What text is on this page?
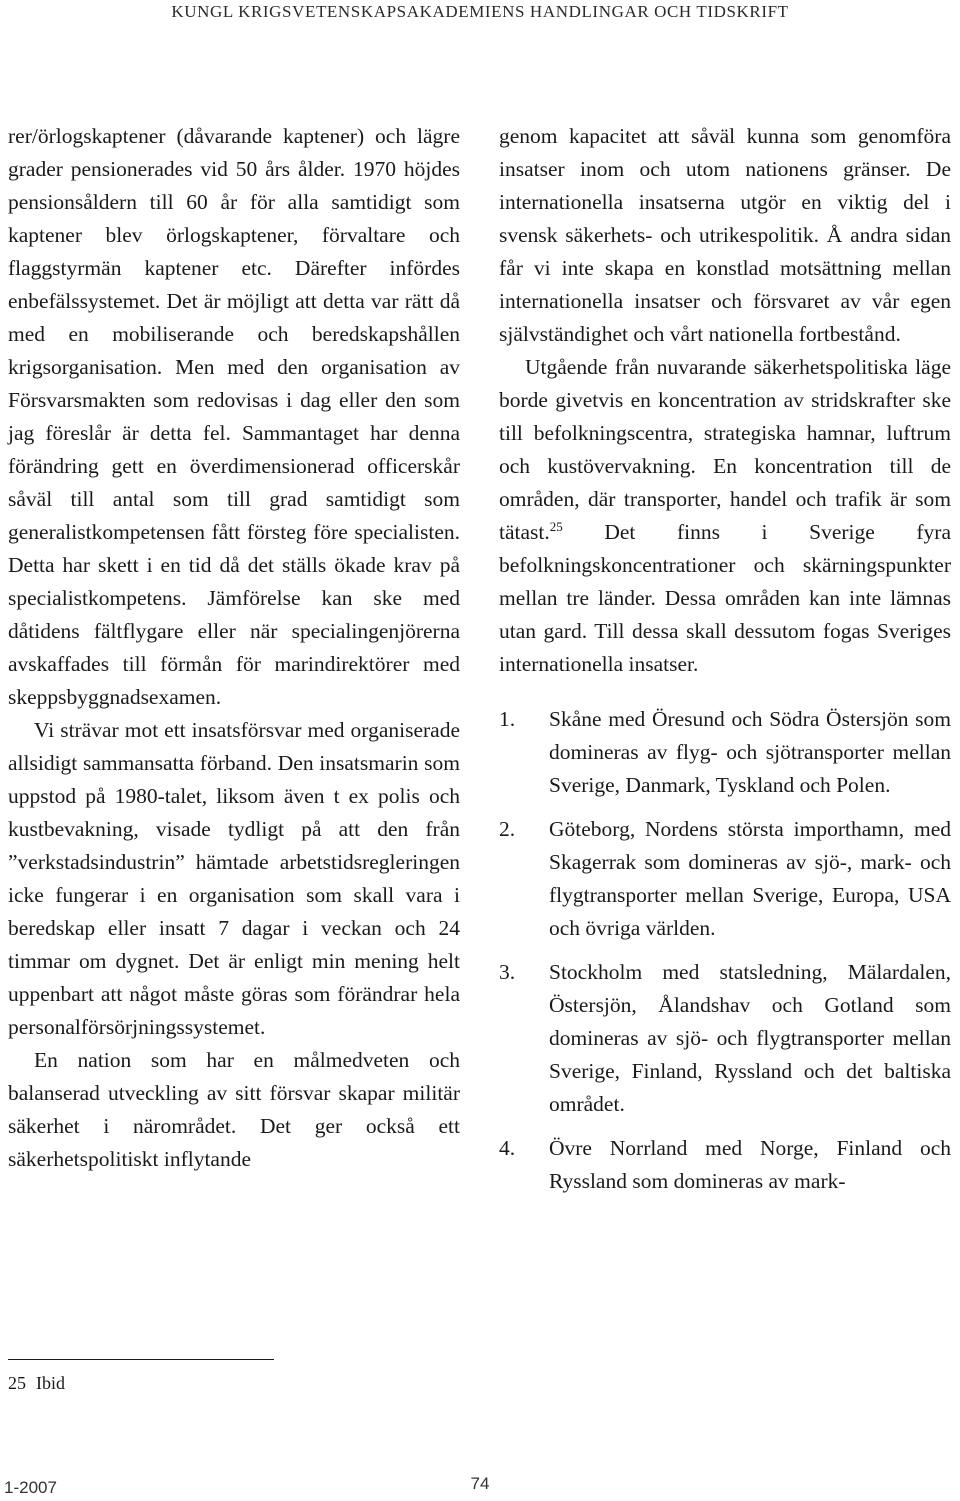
KUNGL KRIGSVETENSKAPSAKADEMIENS HANDLINGAR OCH TIDSKRIFT

rer/örlogskaptener (dåvarande kaptener) och lägre grader pensionerades vid 50 års ålder. 1970 höjdes pensionsåldern till 60 år för alla samtidigt som kaptener blev örlogskaptener, förvaltare och flaggstyrmän kaptener etc. Därefter infördes enbefälssystemet. Det är möjligt att detta var rätt då med en mobiliserande och beredskapshållen krigsorganisation. Men med den organisation av Försvarsmakten som redovisas i dag eller den som jag föreslår är detta fel. Sammantaget har denna förändring gett en överdimensionerad officerskår såväl till antal som till grad samtidigt som generalistkompetensen fått försteg före specialisten. Detta har skett i en tid då det ställs ökade krav på specialistkompetens. Jämförelse kan ske med dåtidens fältflygare eller när specialingenjörerna avskaffades till förmån för marindirektörer med skeppsbyggnadsexamen.

Vi strävar mot ett insatsförsvar med organiserade allsidigt sammansatta förband. Den insatsmarin som uppstod på 1980-talet, liksom även t ex polis och kustbevakning, visade tydligt på att den från ”verkstadsindustrin” hämtade arbetstidsregleringen icke fungerar i en organisation som skall vara i beredskap eller insatt 7 dagar i veckan och 24 timmar om dygnet. Det är enligt min mening helt uppenbart att något måste göras som förändrar hela personalförsörjningssystemet.

En nation som har en målmedveten och balanserad utveckling av sitt försvar skapar militär säkerhet i närområdet. Det ger också ett säkerhetspolitiskt inflytande

genom kapacitet att såväl kunna som genomföra insatser inom och utom nationens gränser. De internationella insatserna utgör en viktig del i svensk säkerhets- och utrikespolitik. Å andra sidan får vi inte skapa en konstlad motsättning mellan internationella insatser och försvaret av vår egen självständighet och vårt nationella fortbestånd.

Utgående från nuvarande säkerhetspolitiska läge borde givetvis en koncentration av stridskrafter ske till befolkningscentra, strategiska hamnar, luftrum och kustövervakning. En koncentration till de områden, där transporter, handel och trafik är som tätast.$^{25}$ Det finns i Sverige fyra befolkningskoncentrationer och skärningspunkter mellan tre länder. Dessa områden kan inte lämnas utan gard. Till dessa skall dessutom fogas Sveriges internationella insatser.

1.	Skåne med Öresund och Södra Östersjön som domineras av flyg- och sjötransporter mellan Sverige, Danmark, Tyskland och Polen.
2.	Göteborg, Nordens största importhamn, med Skagerrak som domineras av sjö-, mark- och flygtransporter mellan Sverige, Europa, USA och övriga världen.
3.	Stockholm med statsledning, Mälardalen, Östersjön, Ålandshav och Gotland som domineras av sjö- och flygtransporter mellan Sverige, Finland, Ryssland och det baltiska området.
4.	Övre Norrland med Norge, Finland och Ryssland som domineras av mark-
25 Ibid
1-2007	74
